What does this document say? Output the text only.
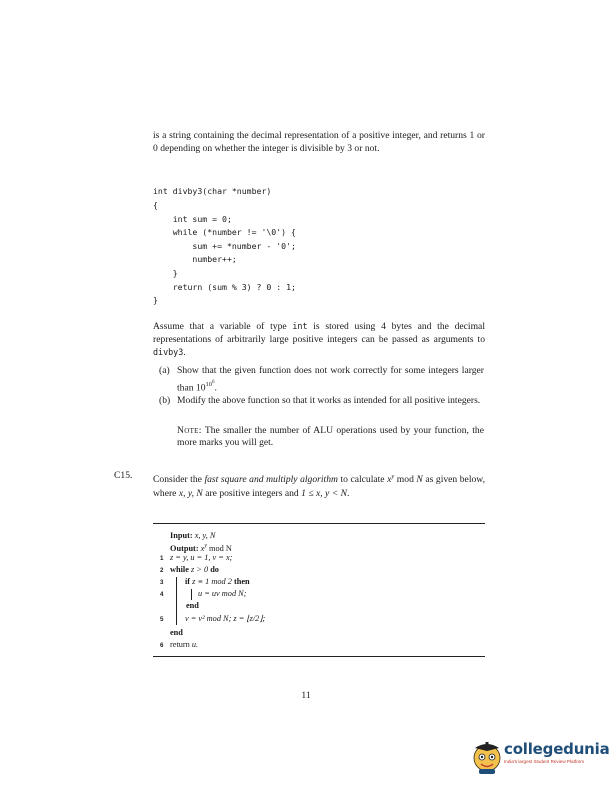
is a string containing the decimal representation of a positive integer, and returns 1 or 0 depending on whether the integer is divisible by 3 or not.
int divby3(char *number)
{
int sum = 0;
while (*number != '\0') {
sum += *number - '0';
number++;
}
return (sum % 3) ? 0 : 1;
}
Assume that a variable of type int is stored using 4 bytes and the decimal representations of arbitrarily large positive integers can be passed as arguments to divby3.
(a) Show that the given function does not work correctly for some integers larger than $10^{10^6}$.
(b) Modify the above function so that it works as intended for all positive integers.
Note: The smaller the number of ALU operations used by your function, the more marks you will get.
C15. Consider the fast square and multiply algorithm to calculate $x^y$ mod N as given below, where x, y, N are positive integers and 1 ≤ x, y < N.
Input: x, y, N
Output: $x^y$ mod N
1 z = y, u = 1, v = x;
2 while z > 0 do
3	if z ≡ 1 mod 2 then
4	u = uv mod N;
end
5	v = v² mod N; z = ⌊z/2⌋;
end
6 return u.
11
collegedunia
India's largest Student Review Platform
